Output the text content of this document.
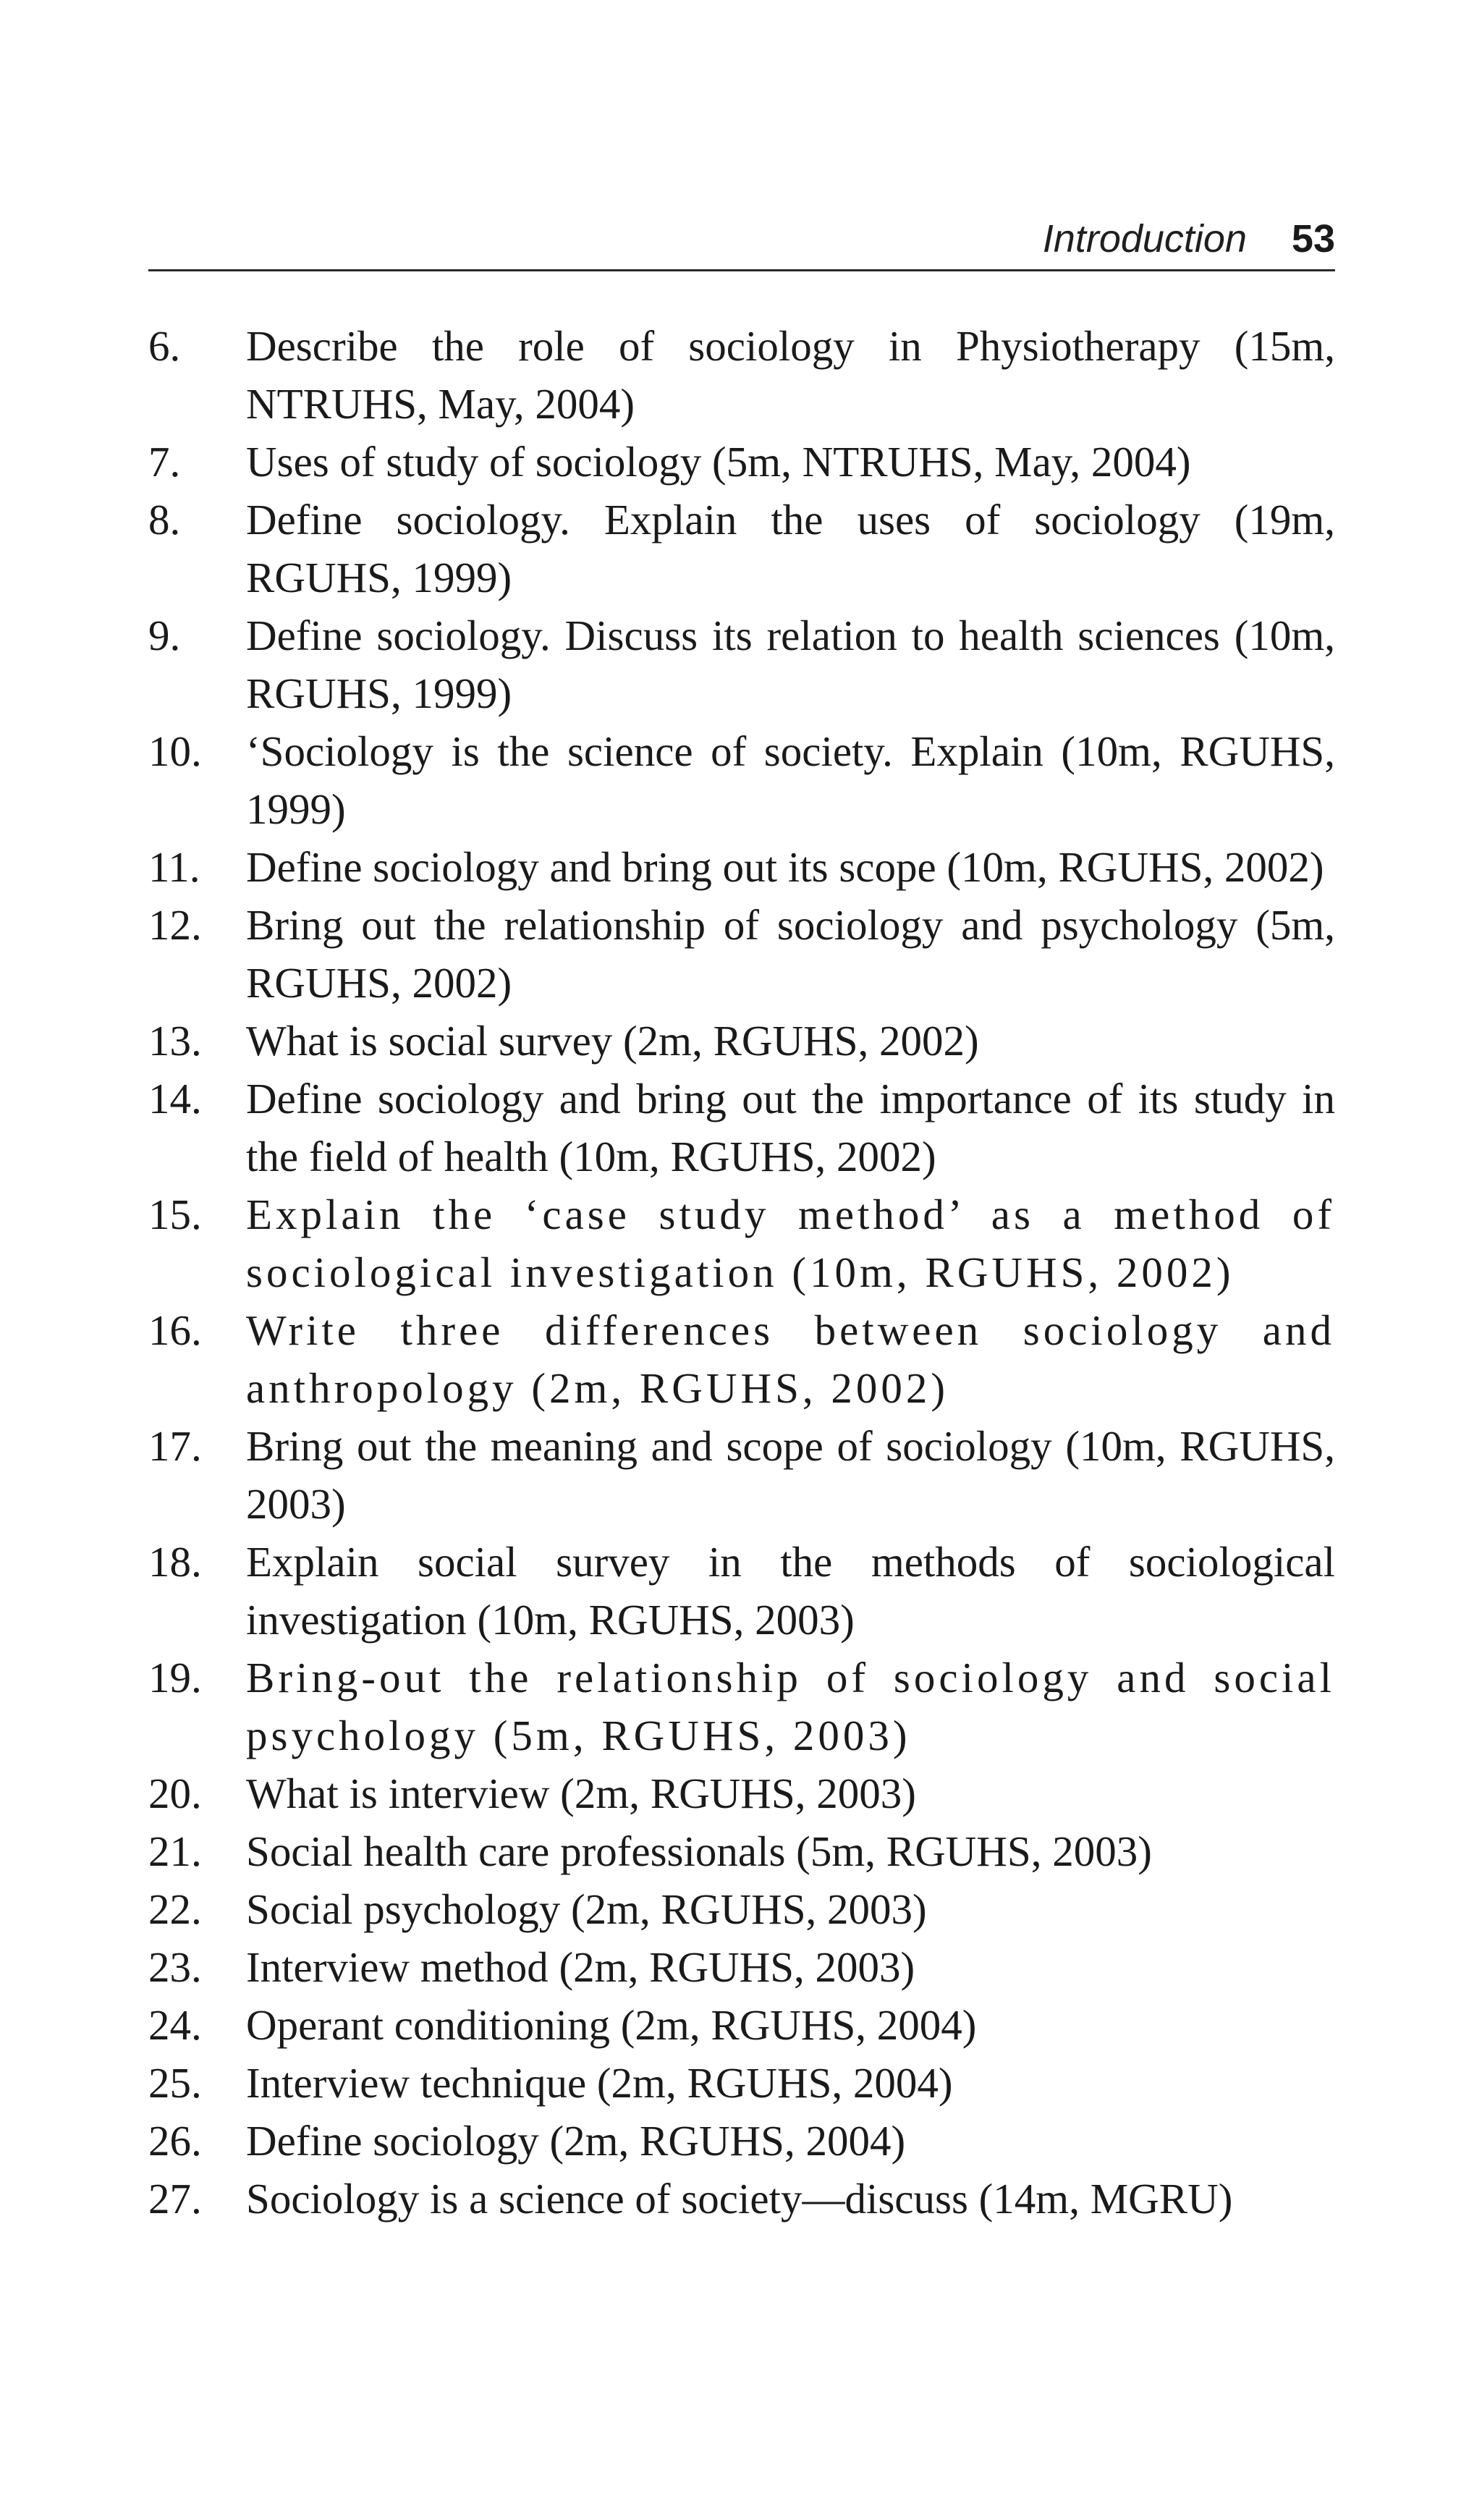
Introduction 53
6.	Describe the role of sociology in Physiotherapy (15m, NTRUHS, May, 2004)
7.	Uses of study of sociology (5m, NTRUHS, May, 2004)
8.	Define sociology. Explain the uses of sociology (19m, RGUHS, 1999)
9.	Define sociology. Discuss its relation to health sciences (10m, RGUHS, 1999)
10.	‘Sociology is the science of society. Explain (10m, RGUHS, 1999)
11.	Define sociology and bring out its scope (10m, RGUHS, 2002)
12.	Bring out the relationship of sociology and psychology (5m, RGUHS, 2002)
13.	What is social survey (2m, RGUHS, 2002)
14.	Define sociology and bring out the importance of its study in the field of health (10m, RGUHS, 2002)
15.	Explain the ‘case study method’ as a method of sociological investigation (10m, RGUHS, 2002)
16.	Write three differences between sociology and anthropology (2m, RGUHS, 2002)
17.	Bring out the meaning and scope of sociology (10m, RGUHS, 2003)
18.	Explain social survey in the methods of sociological investigation (10m, RGUHS, 2003)
19.	Bring-out the relationship of sociology and social psychology (5m, RGUHS, 2003)
20.	What is interview (2m, RGUHS, 2003)
21.	Social health care professionals (5m, RGUHS, 2003)
22.	Social psychology (2m, RGUHS, 2003)
23.	Interview method (2m, RGUHS, 2003)
24.	Operant conditioning (2m, RGUHS, 2004)
25.	Interview technique (2m, RGUHS, 2004)
26.	Define sociology (2m, RGUHS, 2004)
27.	Sociology is a science of society—discuss (14m, MGRU)
